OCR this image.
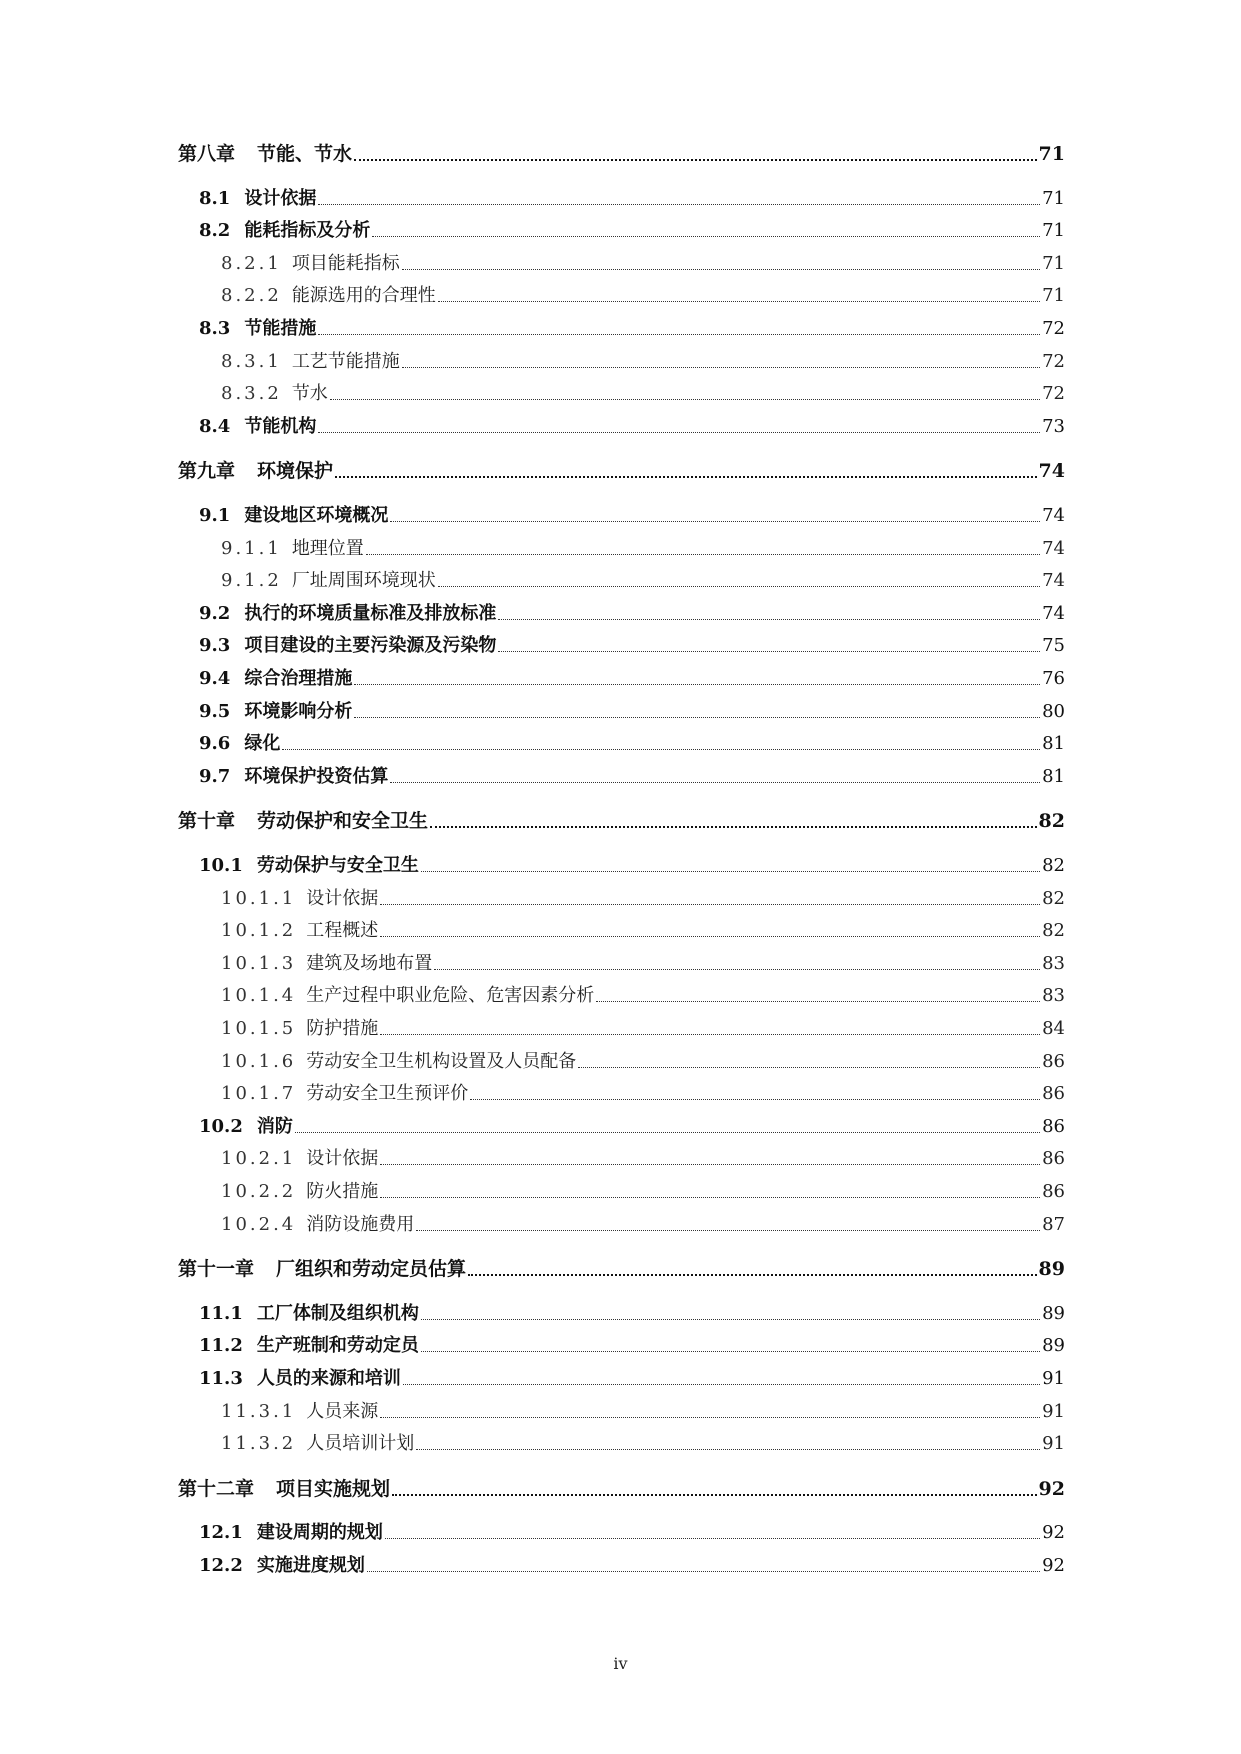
第八章 节能、节水	71
8.1 设计依据	71
8.2 能耗指标及分析	71
8.2.1 项目能耗指标	71
8.2.2 能源选用的合理性	71
8.3 节能措施	72
8.3.1 工艺节能措施	72
8.3.2 节水	72
8.4 节能机构	73
第九章 环境保护	74
9.1 建设地区环境概况	74
9.1.1 地理位置	74
9.1.2 厂址周围环境现状	74
9.2 执行的环境质量标准及排放标准	74
9.3 项目建设的主要污染源及污染物	75
9.4 综合治理措施	76
9.5 环境影响分析	80
9.6 绿化	81
9.7 环境保护投资估算	81
第十章 劳动保护和安全卫生	82
10.1 劳动保护与安全卫生	82
10.1.1 设计依据	82
10.1.2 工程概述	82
10.1.3 建筑及场地布置	83
10.1.4 生产过程中职业危险、危害因素分析	83
10.1.5 防护措施	84
10.1.6 劳动安全卫生机构设置及人员配备	86
10.1.7 劳动安全卫生预评价	86
10.2 消防	86
10.2.1 设计依据	86
10.2.2 防火措施	86
10.2.4 消防设施费用	87
第十一章 厂组织和劳动定员估算	89
11.1 工厂体制及组织机构	89
11.2 生产班制和劳动定员	89
11.3 人员的来源和培训	91
11.3.1 人员来源	91
11.3.2 人员培训计划	91
第十二章 项目实施规划	92
12.1 建设周期的规划	92
12.2 实施进度规划	92
iv
